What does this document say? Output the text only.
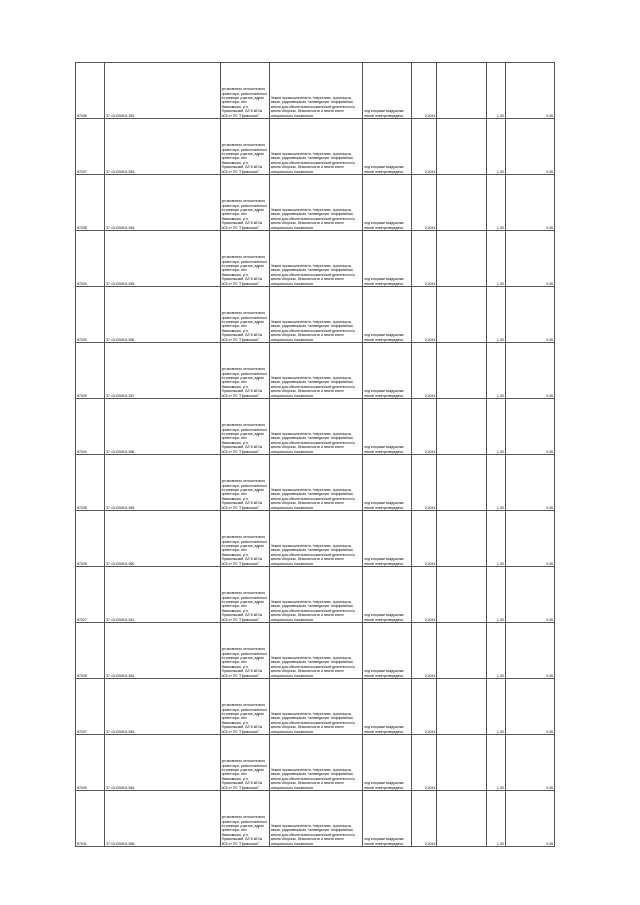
87036	37:13:030401:352	установлено относительно ориентира, расположенного в границах участка, адрес ориентира: обл. Ивановская, р-н Приволжский, ВЛ 6 кВ № 603 от ПС "Приволжск"	Земли промышленности, энергетики, транспорта, связи, радиовещания, телевидения, информатики, земли для обеспечения космической деятельности, земли обороны, безопасности и земли иного специального назначения	под опорами воздушных линий электропередачи	0,0014		1,33	0,05
87037	37:13:030401:353	установлено относительно ориентира, расположенного в границах участка, адрес ориентира: обл. Ивановская, р-н Приволжский, ВЛ 6 кВ № 603 от ПС "Приволжск"	Земли промышленности, энергетики, транспорта, связи, радиовещания, телевидения, информатики, земли для обеспечения космической деятельности, земли обороны, безопасности и земли иного специального назначения	под опорами воздушных линий электропередачи	0,0014		1,33	0,05
87038	37:13:030401:354	установлено относительно ориентира, расположенного в границах участка, адрес ориентира: обл. Ивановская, р-н Приволжский, ВЛ 6 кВ № 603 от ПС "Приволжск"	Земли промышленности, энергетики, транспорта, связи, радиовещания, телевидения, информатики, земли для обеспечения космической деятельности, земли обороны, безопасности и земли иного специального назначения	под опорами воздушных линий электропередачи	0,0014		1,33	0,05
87024	37:13:030401:355	установлено относительно ориентира, расположенного в границах участка, адрес ориентира: обл. Ивановская, р-н Приволжский, ВЛ 6 кВ № 603 от ПС "Приволжск"	Земли промышленности, энергетики, транспорта, связи, радиовещания, телевидения, информатики, земли для обеспечения космической деятельности, земли обороны, безопасности и земли иного специального назначения	под опорами воздушных линий электропередачи	0,0014		1,33	0,05
87032	37:13:030401:356	установлено относительно ориентира, расположенного в границах участка, адрес ориентира: обл. Ивановская, р-н Приволжский, ВЛ 6 кВ № 603 от ПС "Приволжск"	Земли промышленности, энергетики, транспорта, связи, радиовещания, телевидения, информатики, земли для обеспечения космической деятельности, земли обороны, безопасности и земли иного специального назначения	под опорами воздушных линий электропередачи	0,0014		1,33	0,05
87029	37:13:030401:357	установлено относительно ориентира, расположенного в границах участка, адрес ориентира: обл. Ивановская, р-н Приволжский, ВЛ 6 кВ № 603 от ПС "Приволжск"	Земли промышленности, энергетики, транспорта, связи, радиовещания, телевидения, информатики, земли для обеспечения космической деятельности, земли обороны, безопасности и земли иного специального назначения	под опорами воздушных линий электропередачи	0,0014		1,33	0,05
87034	37:13:030401:358	установлено относительно ориентира, расположенного в границах участка, адрес ориентира: обл. Ивановская, р-н Приволжский, ВЛ 6 кВ № 603 от ПС "Приволжск"	Земли промышленности, энергетики, транспорта, связи, радиовещания, телевидения, информатики, земли для обеспечения космической деятельности, земли обороны, безопасности и земли иного специального назначения	под опорами воздушных линий электропередачи	0,0014		1,33	0,05
87035	37:13:030401:359	установлено относительно ориентира, расположенного в границах участка, адрес ориентира: обл. Ивановская, р-н Приволжский, ВЛ 6 кВ № 603 от ПС "Приволжск"	Земли промышленности, энергетики, транспорта, связи, радиовещания, телевидения, информатики, земли для обеспечения космической деятельности, земли обороны, безопасности и земли иного специального назначения	под опорами воздушных линий электропередачи	0,0014		1,33	0,05
87026	37:13:030401:360	установлено относительно ориентира, расположенного в границах участка, адрес ориентира: обл. Ивановская, р-н Приволжский, ВЛ 6 кВ № 603 от ПС "Приволжск"	Земли промышленности, энергетики, транспорта, связи, радиовещания, телевидения, информатики, земли для обеспечения космической деятельности, земли обороны, безопасности и земли иного специального назначения	под опорами воздушных линий электропередачи	0,0014		1,33	0,05
87027	37:13:030401:361	установлено относительно ориентира, расположенного в границах участка, адрес ориентира: обл. Ивановская, р-н Приволжский, ВЛ 6 кВ № 603 от ПС "Приволжск"	Земли промышленности, энергетики, транспорта, связи, радиовещания, телевидения, информатики, земли для обеспечения космической деятельности, земли обороны, безопасности и земли иного специального назначения	под опорами воздушных линий электропередачи	0,0014		1,33	0,05
87028	37:13:030401:362	установлено относительно ориентира, расположенного в границах участка, адрес ориентира: обл. Ивановская, р-н Приволжский, ВЛ 6 кВ № 603 от ПС "Приволжск"	Земли промышленности, энергетики, транспорта, связи, радиовещания, телевидения, информатики, земли для обеспечения космической деятельности, земли обороны, безопасности и земли иного специального назначения	под опорами воздушных линий электропередачи	0,0014		1,33	0,05
87037	37:13:030401:363	установлено относительно ориентира, расположенного в границах участка, адрес ориентира: обл. Ивановская, р-н Приволжский, ВЛ 6 кВ № 603 от ПС "Приволжск"	Земли промышленности, энергетики, транспорта, связи, радиовещания, телевидения, информатики, земли для обеспечения космической деятельности, земли обороны, безопасности и земли иного специального назначения	под опорами воздушных линий электропередачи	0,0014		1,33	0,05
87040	37:13:030401:364	установлено относительно ориентира, расположенного в границах участка, адрес ориентира: обл. Ивановская, р-н Приволжский, ВЛ 6 кВ № 603 от ПС "Приволжск"	Земли промышленности, энергетики, транспорта, связи, радиовещания, телевидения, информатики, земли для обеспечения космической деятельности, земли обороны, безопасности и земли иного специального назначения	под опорами воздушных линий электропередачи	0,0014		1,33	0,05
87041	37:13:030401:365	установлено относительно ориентира, расположенного в границах участка, адрес ориентира: обл. Ивановская, р-н Приволжский, ВЛ 6 кВ № 603 от ПС "Приволжск"	Земли промышленности, энергетики, транспорта, связи, радиовещания, телевидения, информатики, земли для обеспечения космической деятельности, земли обороны, безопасности и земли иного специального назначения	под опорами воздушных линий электропередачи	0,0014		1,33	0,05
